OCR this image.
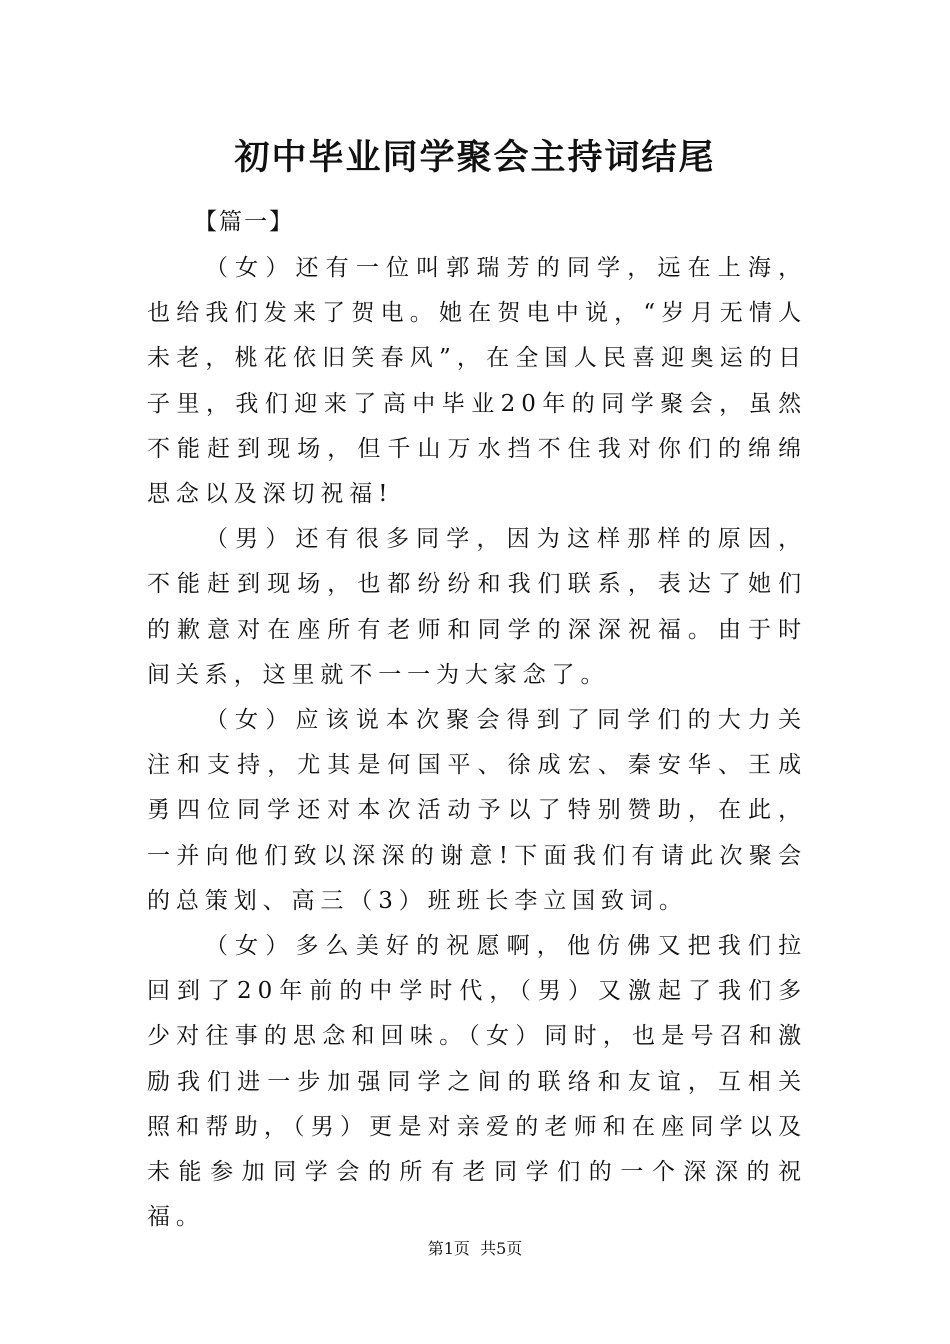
初中毕业同学聚会主持词结尾

【篇一】

（女）还有一位叫郭瑞芳的同学，远在上海，也给我们发来了贺电。她在贺电中说，“岁月无情人未老，桃花依旧笑春风”，在全国人民喜迎奥运的日子里，我们迎来了高中毕业20年的同学聚会，虽然不能赶到现场，但千山万水挡不住我对你们的绵绵思念以及深切祝福!

（男）还有很多同学，因为这样那样的原因，不能赶到现场，也都纷纷和我们联系，表达了她们的歉意对在座所有老师和同学的深深祝福。由于时间关系，这里就不一一为大家念了。

（女）应该说本次聚会得到了同学们的大力关注和支持，尤其是何国平、徐成宏、秦安华、王成勇四位同学还对本次活动予以了特别赞助，在此，一并向他们致以深深的谢意!下面我们有请此次聚会的总策划、高三（3）班班长李立国致词。

（女）多么美好的祝愿啊，他仿佛又把我们拉回到了20年前的中学时代，（男）又激起了我们多少对往事的思念和回味。（女）同时，也是号召和激励我们进一步加强同学之间的联络和友谊，互相关照和帮助，（男）更是对亲爱的老师和在座同学以及未能参加同学会的所有老同学们的一个深深的祝福。

第1页  共5页
